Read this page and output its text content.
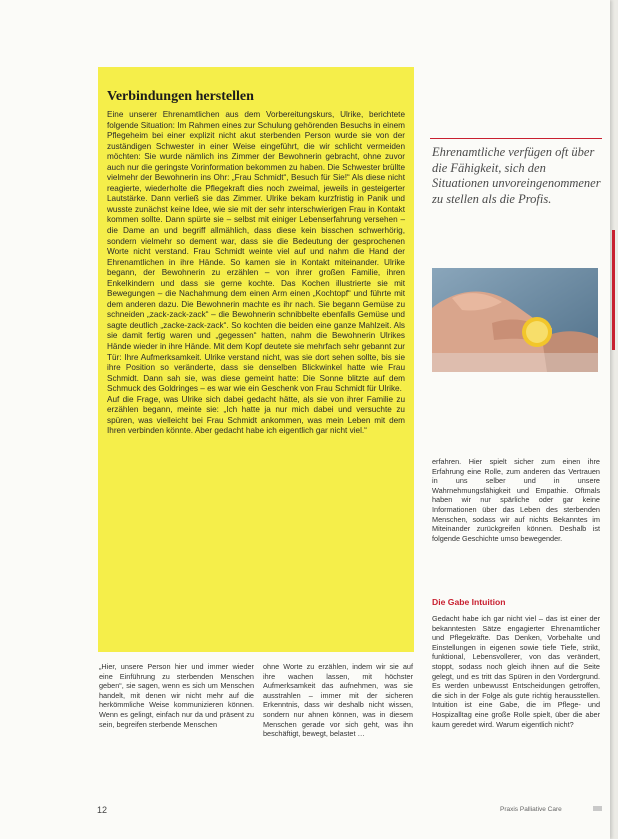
Verbindungen herstellen

Eine unserer Ehrenamtlichen aus dem Vorbereitungskurs, Ulrike, berichtete folgende Situation: Im Rahmen eines zur Schulung gehörenden Besuchs in einem Pflegeheim bei einer explizit nicht akut sterbenden Person wurde sie von der zuständigen Schwester in einer Weise eingeführt, die wir schlicht vermeiden möchten: Sie wurde nämlich ins Zimmer der Bewohnerin gebracht, ohne zuvor auch nur die geringste Vorinformation bekommen zu haben. Die Schwester brüllte vielmehr der Bewohnerin ins Ohr: „Frau Schmidt“, Besuch für Sie!“ Als diese nicht reagierte, wiederholte die Pflegekraft dies noch zweimal, jeweils in gesteigerter Lautstärke. Dann verließ sie das Zimmer. Ulrike bekam kurzfristig in Panik und wusste zunächst keine Idee, wie sie mit der sehr interschwierigen Frau in Kontakt kommen sollte. Dann spürte sie – selbst mit einiger Lebenserfahrung versehen – die Dame an und begriff allmählich, dass diese kein bisschen schwerhörig, sondern vielmehr so dement war, dass sie die Bedeutung der gesprochenen Worte nicht verstand. Frau Schmidt weinte viel auf und nahm die Hand der Ehrenamtlichen in ihre Hände. So kamen sie in Kontakt miteinander. Ulrike begann, der Bewohnerin zu erzählen – von ihrer großen Familie, ihren Enkelkindern und dass sie gerne kochte. Das Kochen illustrierte sie mit Bewegungen – die Nachahmung dem einen Arm einen „Kochtopf“ und führte mit dem anderen dazu. Die Bewohnerin machte es ihr nach. Sie begann Gemüse zu schneiden „zack-zack-zack“ – die Bewohnerin schnibbelte ebenfalls Gemüse und sagte deutlich „zacke-zack-zack“. So kochten die beiden eine ganze Mahlzeit. Als sie damit fertig waren und „gegessen“ hatten, nahm die Bewohnerin Ulrikes Hände wieder in ihre Hände. Mit dem Kopf deutete sie mehrfach sehr gebannt zur Tür: Ihre Aufmerksamkeit. Ulrike verstand nicht, was sie dort sehen sollte, bis sie ihre Position so veränderte, dass sie denselben Blickwinkel hatte wie Frau Schmidt. Dann sah sie, was diese gemeint hatte: Die Sonne blitzte auf dem Schmuck des Goldringes – es war wie ein Geschenk von Frau Schmidt für Ulrike.

Auf die Frage, was Ulrike sich dabei gedacht hätte, als sie von ihrer Familie zu erzählen begann, meinte sie: „Ich hatte ja nur mich dabei und versuchte zu spüren, was vielleicht bei Frau Schmidt ankommen, was mein Leben mit dem Ihren verbinden könnte. Aber gedacht habe ich eigentlich gar nicht viel.“

Ehrenamtliche verfügen oft über die Fähigkeit, sich den Situationen unvoreingenommener zu stellen als die Profis.

„Hier, unsere Person hier und immer wieder eine Einführung zu sterbenden Menschen geben“, sie sagen, wenn es sich um Menschen handelt, mit denen wir nicht mehr auf die herkömmliche Weise kommunizieren können. Wenn es gelingt, einfach nur da und präsent zu sein, begreifen sterbende Menschen

ohne Worte zu erzählen, indem wir sie auf ihre wachen lassen, mit höchster Aufmerksamkeit das aufnehmen, was sie ausstrahlen – immer mit der sicheren Erkenntnis, dass wir deshalb nicht wissen, sondern nur ahnen können, was in diesem Menschen gerade vor sich geht, was ihn beschäftigt, bewegt, belastet …

erfahren. Hier spielt sicher zum einen ihre Erfahrung eine Rolle, zum anderen das Vertrauen in uns selber und in unsere Wahrnehmungsfähigkeit und Empathie. Oftmals haben wir nur spärliche oder gar keine Informationen über das Leben des sterbenden Menschen, sodass wir auf nichts Bekanntes im Miteinander zurückgreifen können. Deshalb ist folgende Geschichte umso bewegender.

Die Gabe Intuition

Gedacht habe ich gar nicht viel – das ist einer der bekanntesten Sätze engagierter Ehrenamtlicher und Pflegekräfte. Das Denken, Vorbehalte und Einstellungen in eigenen sowie tiefe Tiefe, strikt, funktional, Lebensvollerer, von das verändert, stoppt, sodass noch gleich ihnen auf die Seite gelegt, und es tritt das Spüren in den Vordergrund. Es werden unbewusst Entscheidungen getroffen, die sich in der Folge als gute richtig herausstellen. Intuition ist eine Gabe, die im Pflege- und Hospizalltag eine große Rolle spielt, über die aber kaum geredet wird. Warum eigentlich nicht?

12	Praxis Palliative Care
